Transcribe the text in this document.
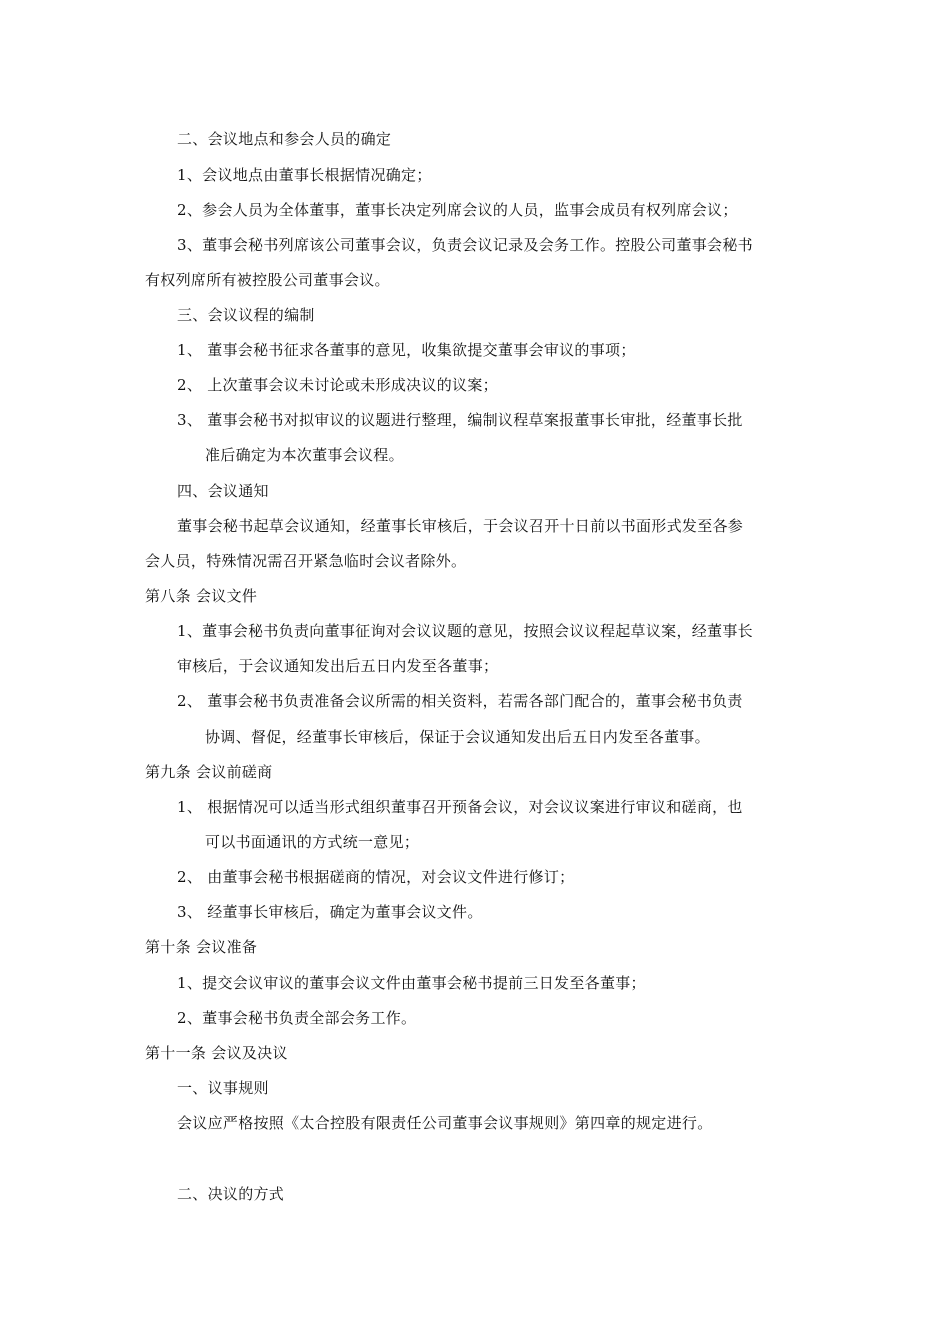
二、会议地点和参会人员的确定
1、会议地点由董事长根据情况确定；
2、参会人员为全体董事，董事长决定列席会议的人员，监事会成员有权列席会议；
3、董事会秘书列席该公司董事会议，负责会议记录及会务工作。控股公司董事会秘书
有权列席所有被控股公司董事会议。
三、会议议程的编制
1、 董事会秘书征求各董事的意见，收集欲提交董事会审议的事项；
2、 上次董事会议未讨论或未形成决议的议案；
3、 董事会秘书对拟审议的议题进行整理，编制议程草案报董事长审批，经董事长批
准后确定为本次董事会议程。
四、会议通知
董事会秘书起草会议通知，经董事长审核后，于会议召开十日前以书面形式发至各参
会人员，特殊情况需召开紧急临时会议者除外。
第八条 会议文件
1、董事会秘书负责向董事征询对会议议题的意见，按照会议议程起草议案，经董事长
审核后，于会议通知发出后五日内发至各董事；
2、 董事会秘书负责准备会议所需的相关资料，若需各部门配合的，董事会秘书负责
协调、督促，经董事长审核后，保证于会议通知发出后五日内发至各董事。
第九条 会议前磋商
1、 根据情况可以适当形式组织董事召开预备会议，对会议议案进行审议和磋商，也
可以书面通讯的方式统一意见；
2、 由董事会秘书根据磋商的情况，对会议文件进行修订；
3、 经董事长审核后，确定为董事会议文件。
第十条 会议准备
1、提交会议审议的董事会议文件由董事会秘书提前三日发至各董事；
2、董事会秘书负责全部会务工作。
第十一条 会议及决议
一、议事规则
会议应严格按照《太合控股有限责任公司董事会议事规则》第四章的规定进行。
二、决议的方式
